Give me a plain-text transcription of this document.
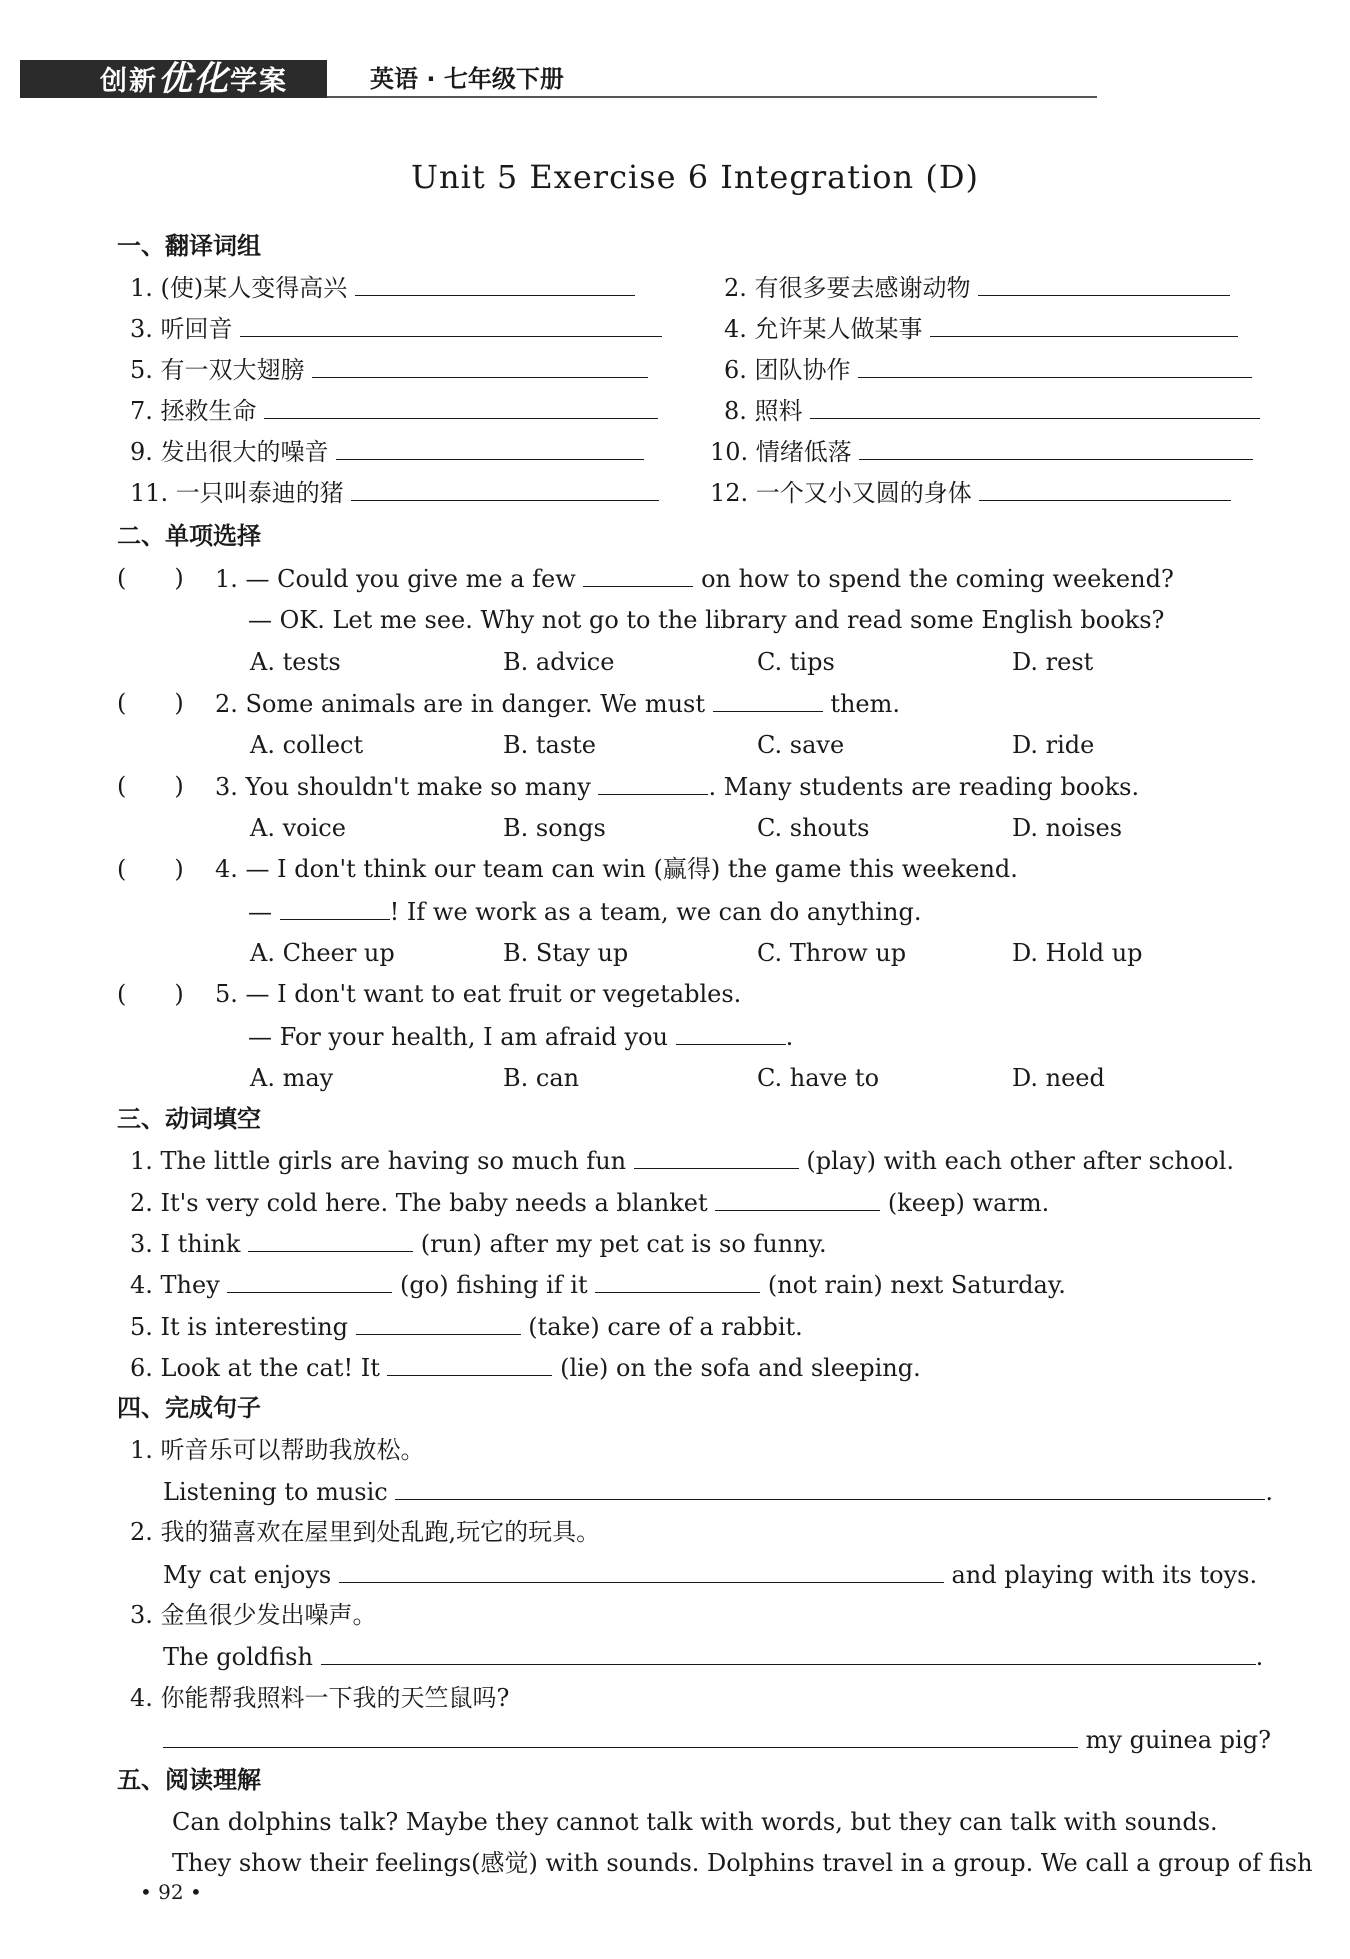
创新优化学案	英语 · 七年级下册
Unit 5 Exercise 6 Integration (D)
一、翻译词组
1. (使)某人变得高兴	2. 有很多要去感谢动物
3. 听回音	4. 允许某人做某事
5. 有一双大翅膀	6. 团队协作
7. 拯救生命	8. 照料
9. 发出很大的噪音	10. 情绪低落
11. 一只叫泰迪的猪	12. 一个又小又圆的身体
二、单项选择
(　　) 1. — Could you give me a few	on how to spend the coming weekend?
— OK. Let me see. Why not go to the library and read some English books?
A. tests	B. advice	C. tips	D. rest
(　　) 2. Some animals are in danger. We must	them.
A. collect	B. taste	C. save	D. ride
(　　) 3. You shouldn't make so many	. Many students are reading books.
A. voice	B. songs	C. shouts	D. noises
(　　) 4. — I don't think our team can win (赢得) the game this weekend.
—	! If we work as a team, we can do anything.
A. Cheer up	B. Stay up	C. Throw up	D. Hold up
(　　) 5. — I don't want to eat fruit or vegetables.
— For your health, I am afraid you	.
A. may	B. can	C. have to	D. need
三、动词填空
1. The little girls are having so much fun	(play) with each other after school.
2. It's very cold here. The baby needs a blanket	(keep) warm.
3. I think	(run) after my pet cat is so funny.
4. They	(go) fishing if it	(not rain) next Saturday.
5. It is interesting	(take) care of a rabbit.
6. Look at the cat! It	(lie) on the sofa and sleeping.
四、完成句子
1. 听音乐可以帮助我放松。
Listening to music	.
2. 我的猫喜欢在屋里到处乱跑,玩它的玩具。
My cat enjoys	and playing with its toys.
3. 金鱼很少发出噪声。
The goldfish	.
4. 你能帮我照料一下我的天竺鼠吗?
my guinea pig?
五、阅读理解
Can dolphins talk? Maybe they cannot talk with words, but they can talk with sounds.
They show their feelings(感觉) with sounds. Dolphins travel in a group. We call a group of fish
• 92 •
